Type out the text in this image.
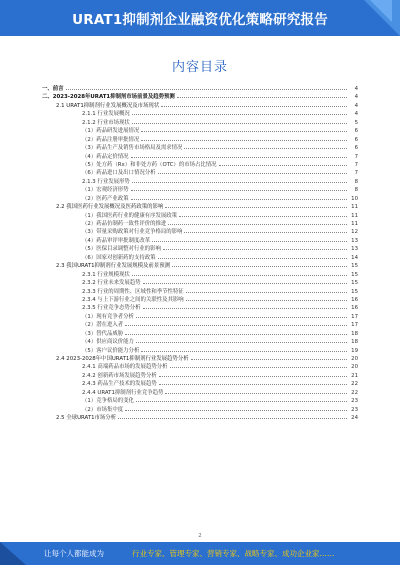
URAT1抑制剂企业融资优化策略研究报告
内容目录
一、前言	4
二、2023-2028年URAT1抑制剂市场前景及趋势预测	4
2.1 URAT1抑制剂行业发展概况及市场现状	4
2.1.1 行业发展概况	4
2.1.2 行业市场现状	5
（1）药品研发进展情况	6
（2）药品注册审批情况	6
（3）药品生产及销售市场格局及需求情况	6
（4）药品定价情况	7
（5）处方药（Rx）和非处方药（OTC）的市场占比情况	7
（6）药品进口及出口情况分析	7
2.1.3 行业发展形势	8
（1）宏观经济形势	8
（2）医药产业政策	10
2.2 我国医药行业发展概况及医药政策的影响	11
（1）我国医药行业的健康有序发展政策	11
（2）药品仿制药一致性评价的推进	11
（3）带量采购政策对行业竞争格局的影响	12
（4）药品审评审批制度改革	13
（5）医保目录调整对行业的影响	13
（6）国家对创新药的支持政策	14
2.3 我国URAT1抑制剂行业发展规模及前景预测	15
2.3.1 行业规模现状	15
2.3.2 行业未来发展趋势	15
2.3.3 行业的周期性、区域性和季节性特征	15
2.3.4 与上下游行业之间的关联性及其影响	16
2.3.5 行业竞争态势分析	16
（1）现有竞争者分析	17
（2）潜在进入者	17
（3）替代品威胁	18
（4）供应商议价能力	18
（5）客户议价能力分析	19
2.4 2023-2028年中国URAT1抑制剂行业发展趋势分析	20
2.4.1 高端药品市场的发展趋势分析	20
2.4.2 创新药市场发展趋势分析	21
2.4.3 药品生产技术的发展趋势	22
2.4.4 URAT1抑制剂行业竞争趋势	22
（1）竞争格局的变化	23
（2）市场集中度	23
2.5 全球URAT1市场分析	24
2
让每个人都能成为	行业专家、管理专家、营销专家、战略专家、成功企业家……
